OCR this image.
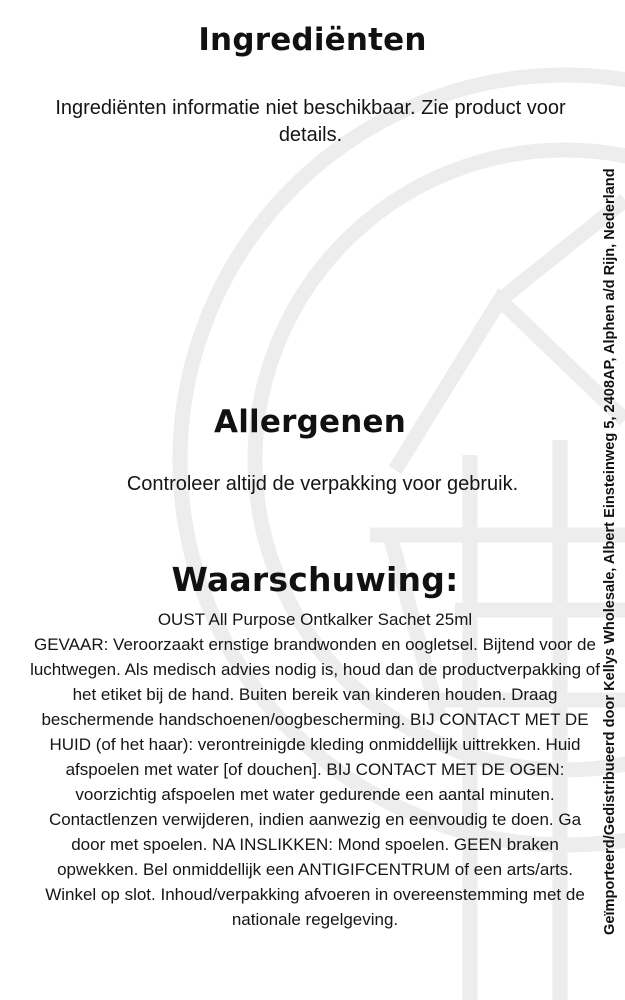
Ingrediënten

Ingrediënten informatie niet beschikbaar. Zie product voor details.

Allergenen

Controleer altijd de verpakking voor gebruik.

Waarschuwing:
OUST All Purpose Ontkalker Sachet 25ml
GEVAAR: Veroorzaakt ernstige brandwonden en oogletsel. Bijtend voor de luchtwegen. Als medisch advies nodig is, houd dan de productverpakking of het etiket bij de hand. Buiten bereik van kinderen houden. Draag beschermende handschoenen/oogbescherming. BIJ CONTACT MET DE HUID (of het haar): verontreinigde kleding onmiddellijk uittrekken. Huid afspoelen met water [of douchen]. BIJ CONTACT MET DE OGEN: voorzichtig afspoelen met water gedurende een aantal minuten. Contactlenzen verwijderen, indien aanwezig en eenvoudig te doen. Ga door met spoelen. NA INSLIKKEN: Mond spoelen. GEEN braken opwekken. Bel onmiddellijk een ANTIGIFCENTRUM of een arts/arts. Winkel op slot. Inhoud/verpakking afvoeren in overeenstemming met de nationale regelgeving.	Geïmporteerd/Gedistribueerd door Kellys Wholesale, Albert Einsteinweg 5, 2408AP, Alphen a/d Rijn, Nederland
